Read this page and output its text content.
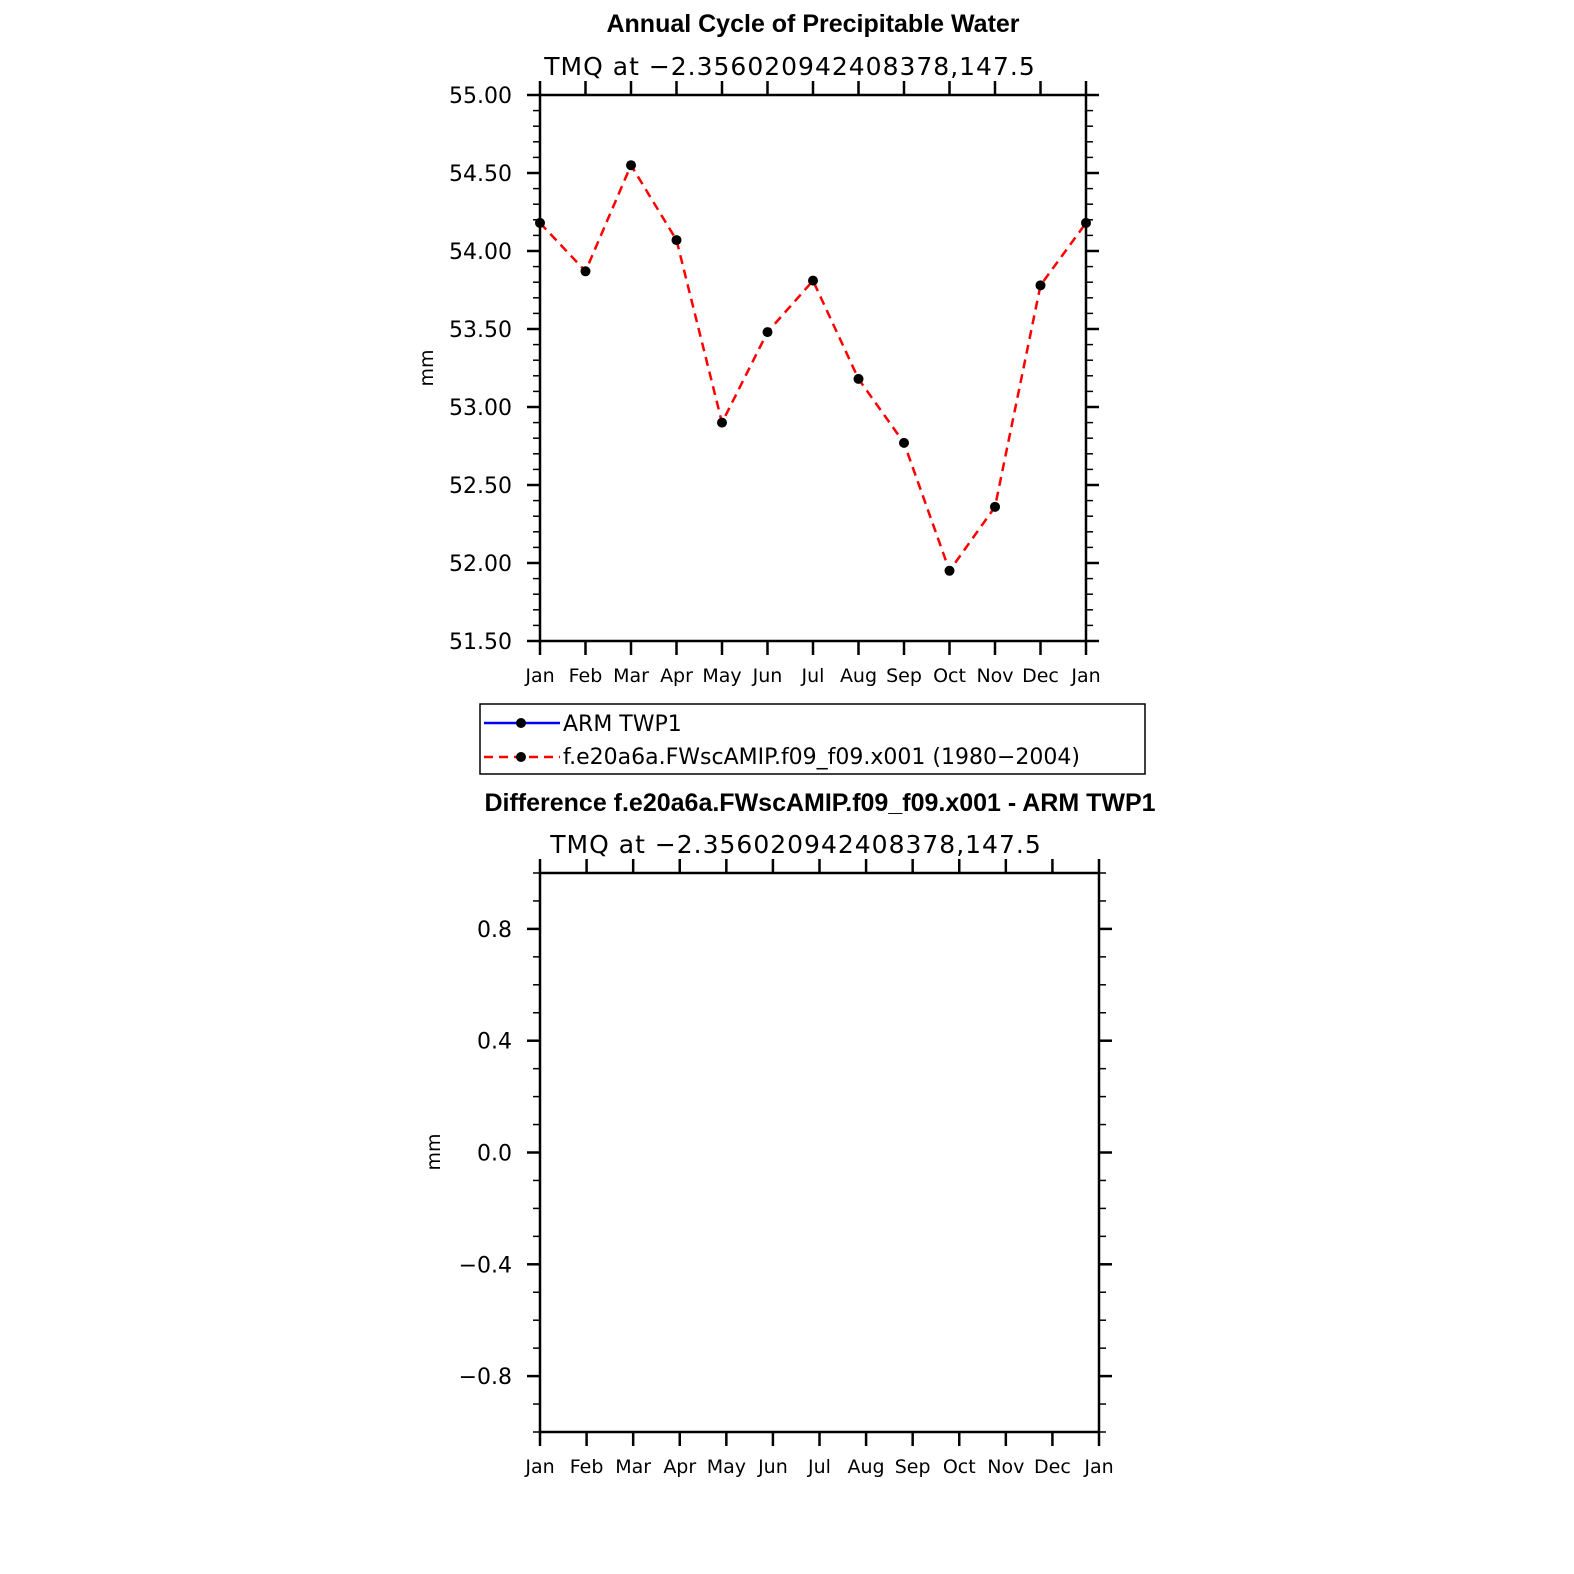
Annual Cycle of Precipitable Water
TMQ at −2.356020942408378,147.5
mm
51.50
52.00
52.50
53.00
53.50
54.00
54.50
55.00
Jan Feb Mar Apr May Jun Jul Aug Sep Oct Nov Dec Jan
ARM TWP1
f.e20a6a.FWscAMIP.f09_f09.x001 (1980−2004)
Difference f.e20a6a.FWscAMIP.f09_f09.x001 - ARM TWP1
TMQ at −2.356020942408378,147.5
mm
−0.8
−0.4
0.0
0.4
0.8
Jan Feb Mar Apr May Jun Jul Aug Sep Oct Nov Dec Jan
